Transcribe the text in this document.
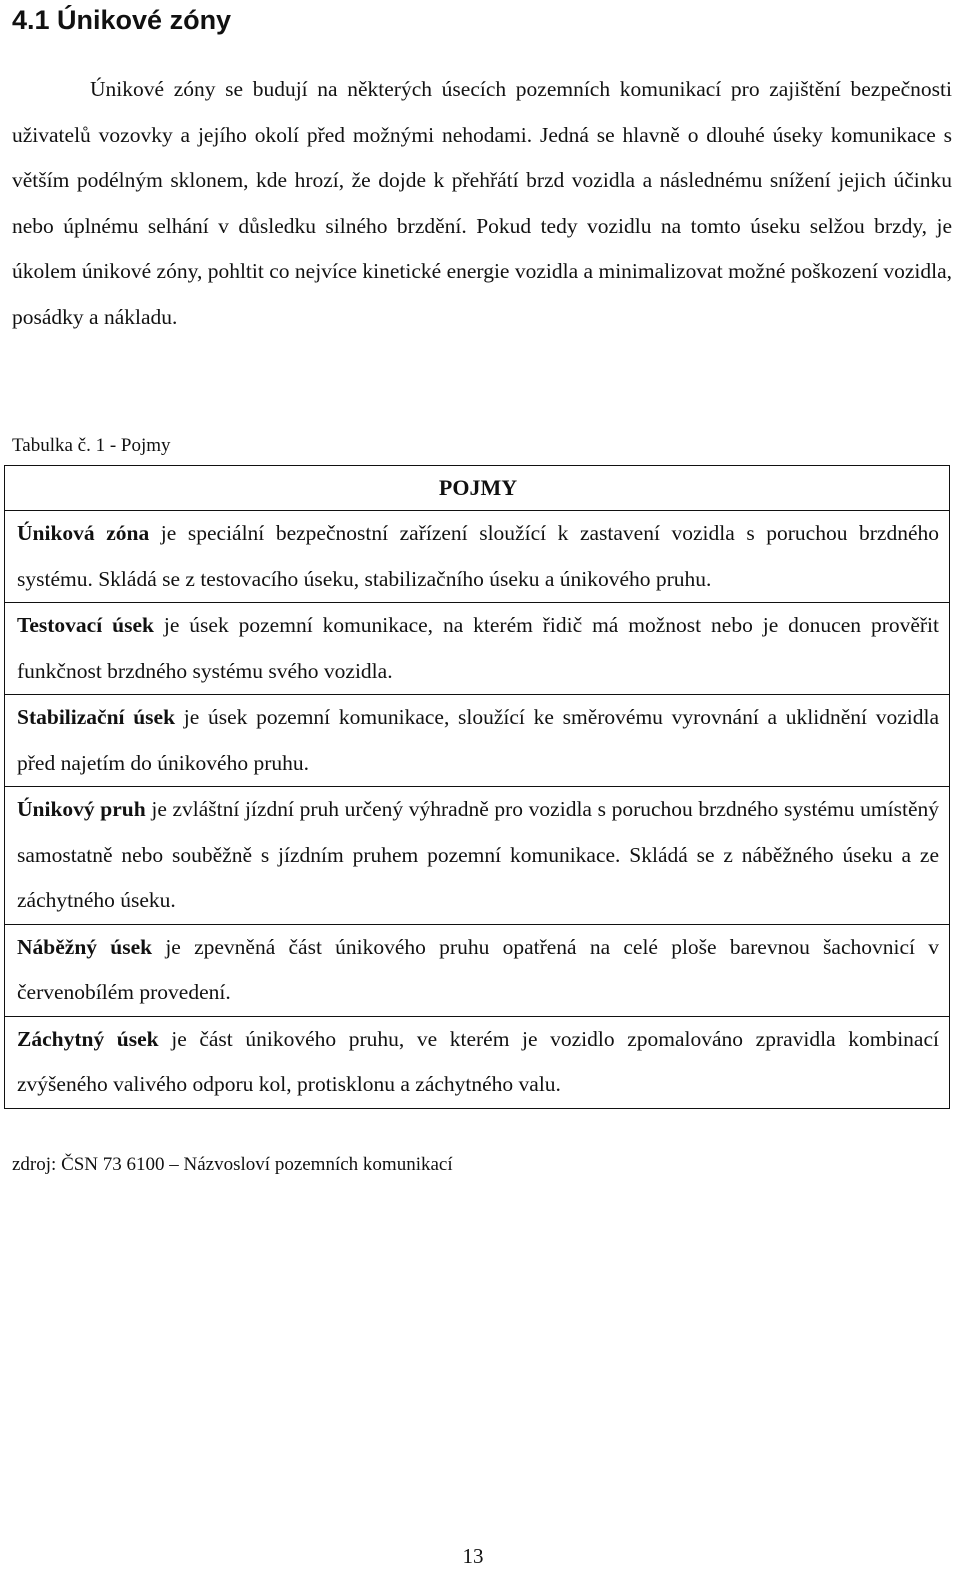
4.1 Únikové zóny

Únikové zóny se budují na některých úsecích pozemních komunikací pro zajištění bezpečnosti uživatelů vozovky a jejího okolí před možnými nehodami. Jedná se hlavně o dlouhé úseky komunikace s větším podélným sklonem, kde hrozí, že dojde k přehřátí brzd vozidla a následnému snížení jejich účinku nebo úplnému selhání v důsledku silného brzdění. Pokud tedy vozidlu na tomto úseku selžou brzdy, je úkolem únikové zóny, pohltit co nejvíce kinetické energie vozidla a minimalizovat možné poškození vozidla, posádky a nákladu.

Tabulka č. 1 - Pojmy

POJMY
Úniková zóna je speciální bezpečnostní zařízení sloužící k zastavení vozidla s poruchou brzdného systému. Skládá se z testovacího úseku, stabilizačního úseku a únikového pruhu.
Testovací úsek je úsek pozemní komunikace, na kterém řidič má možnost nebo je donucen prověřit funkčnost brzdného systému svého vozidla.
Stabilizační úsek je úsek pozemní komunikace, sloužící ke směrovému vyrovnání a uklidnění vozidla před najetím do únikového pruhu.
Únikový pruh je zvláštní jízdní pruh určený výhradně pro vozidla s poruchou brzdného systému umístěný samostatně nebo souběžně s jízdním pruhem pozemní komunikace. Skládá se z náběžného úseku a ze záchytného úseku.
Náběžný úsek je zpevněná část únikového pruhu opatřená na celé ploše barevnou šachovnicí v červenobílém provedení.
Záchytný úsek je část únikového pruhu, ve kterém je vozidlo zpomalováno zpravidla kombinací zvýšeného valivého odporu kol, protisklonu a záchytného valu.

zdroj: ČSN 73 6100 – Názvosloví pozemních komunikací

13
